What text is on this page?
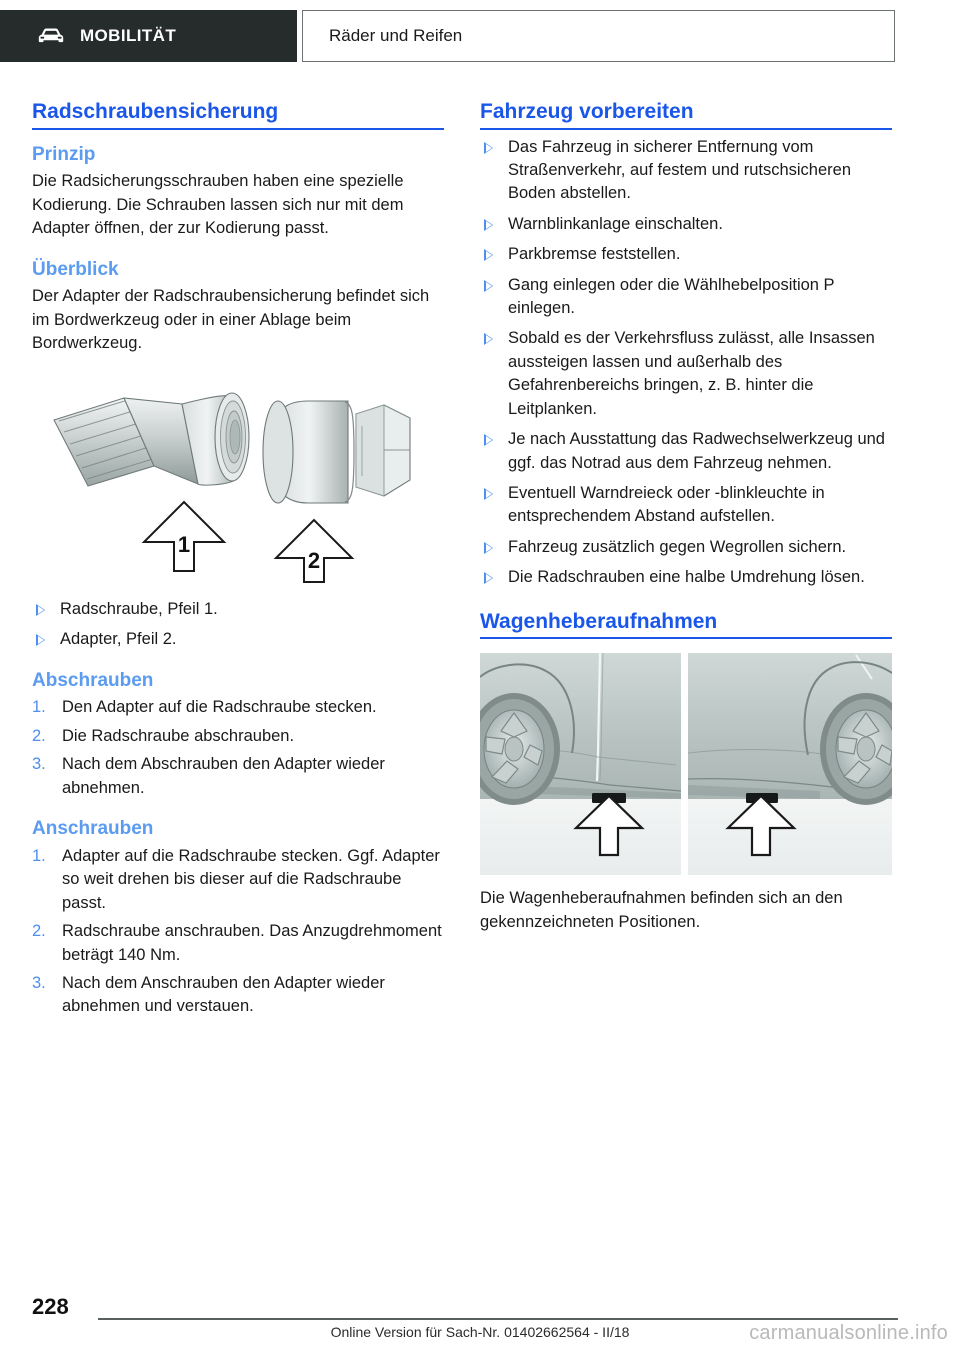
MOBILITÄT	Räder und Reifen
Radschraubensicherung
Prinzip

Die Radsicherungsschrauben haben eine spezielle Kodierung. Die Schrauben lassen sich nur mit dem Adapter öffnen, der zur Kodierung passt.

Überblick

Der Adapter der Radschraubensicherung befindet sich im Bordwerkzeug oder in einer Ablage beim Bordwerkzeug.

1
2
Radschraube, Pfeil 1.
Adapter, Pfeil 2.
Abschrauben
1. Den Adapter auf die Radschraube stecken.
2. Die Radschraube abschrauben.
3. Nach dem Abschrauben den Adapter wieder abnehmen.
Anschrauben
1. Adapter auf die Radschraube stecken. Ggf. Adapter so weit drehen bis dieser auf die Radschraube passt.
2. Radschraube anschrauben. Das Anzugdrehmoment beträgt 140 Nm.
3. Nach dem Anschrauben den Adapter wieder abnehmen und verstauen.
Fahrzeug vorbereiten
Das Fahrzeug in sicherer Entfernung vom Straßenverkehr, auf festem und rutschsicheren Boden abstellen.
Warnblinkanlage einschalten.
Parkbremse feststellen.
Gang einlegen oder die Wählhebelposition P einlegen.
Sobald es der Verkehrsfluss zulässt, alle Insassen aussteigen lassen und außerhalb des Gefahrenbereichs bringen, z. B. hinter die Leitplanken.
Je nach Ausstattung das Radwechselwerkzeug und ggf. das Notrad aus dem Fahrzeug nehmen.
Eventuell Warndreieck oder -blinkleuchte in entsprechendem Abstand aufstellen.
Fahrzeug zusätzlich gegen Wegrollen sichern.
Die Radschrauben eine halbe Umdrehung lösen.
Wagenheberaufnahmen

Die Wagenheberaufnahmen befinden sich an den gekennzeichneten Positionen.

228
Online Version für Sach-Nr. 01402662564 - II/18	carmanualsonline.info
